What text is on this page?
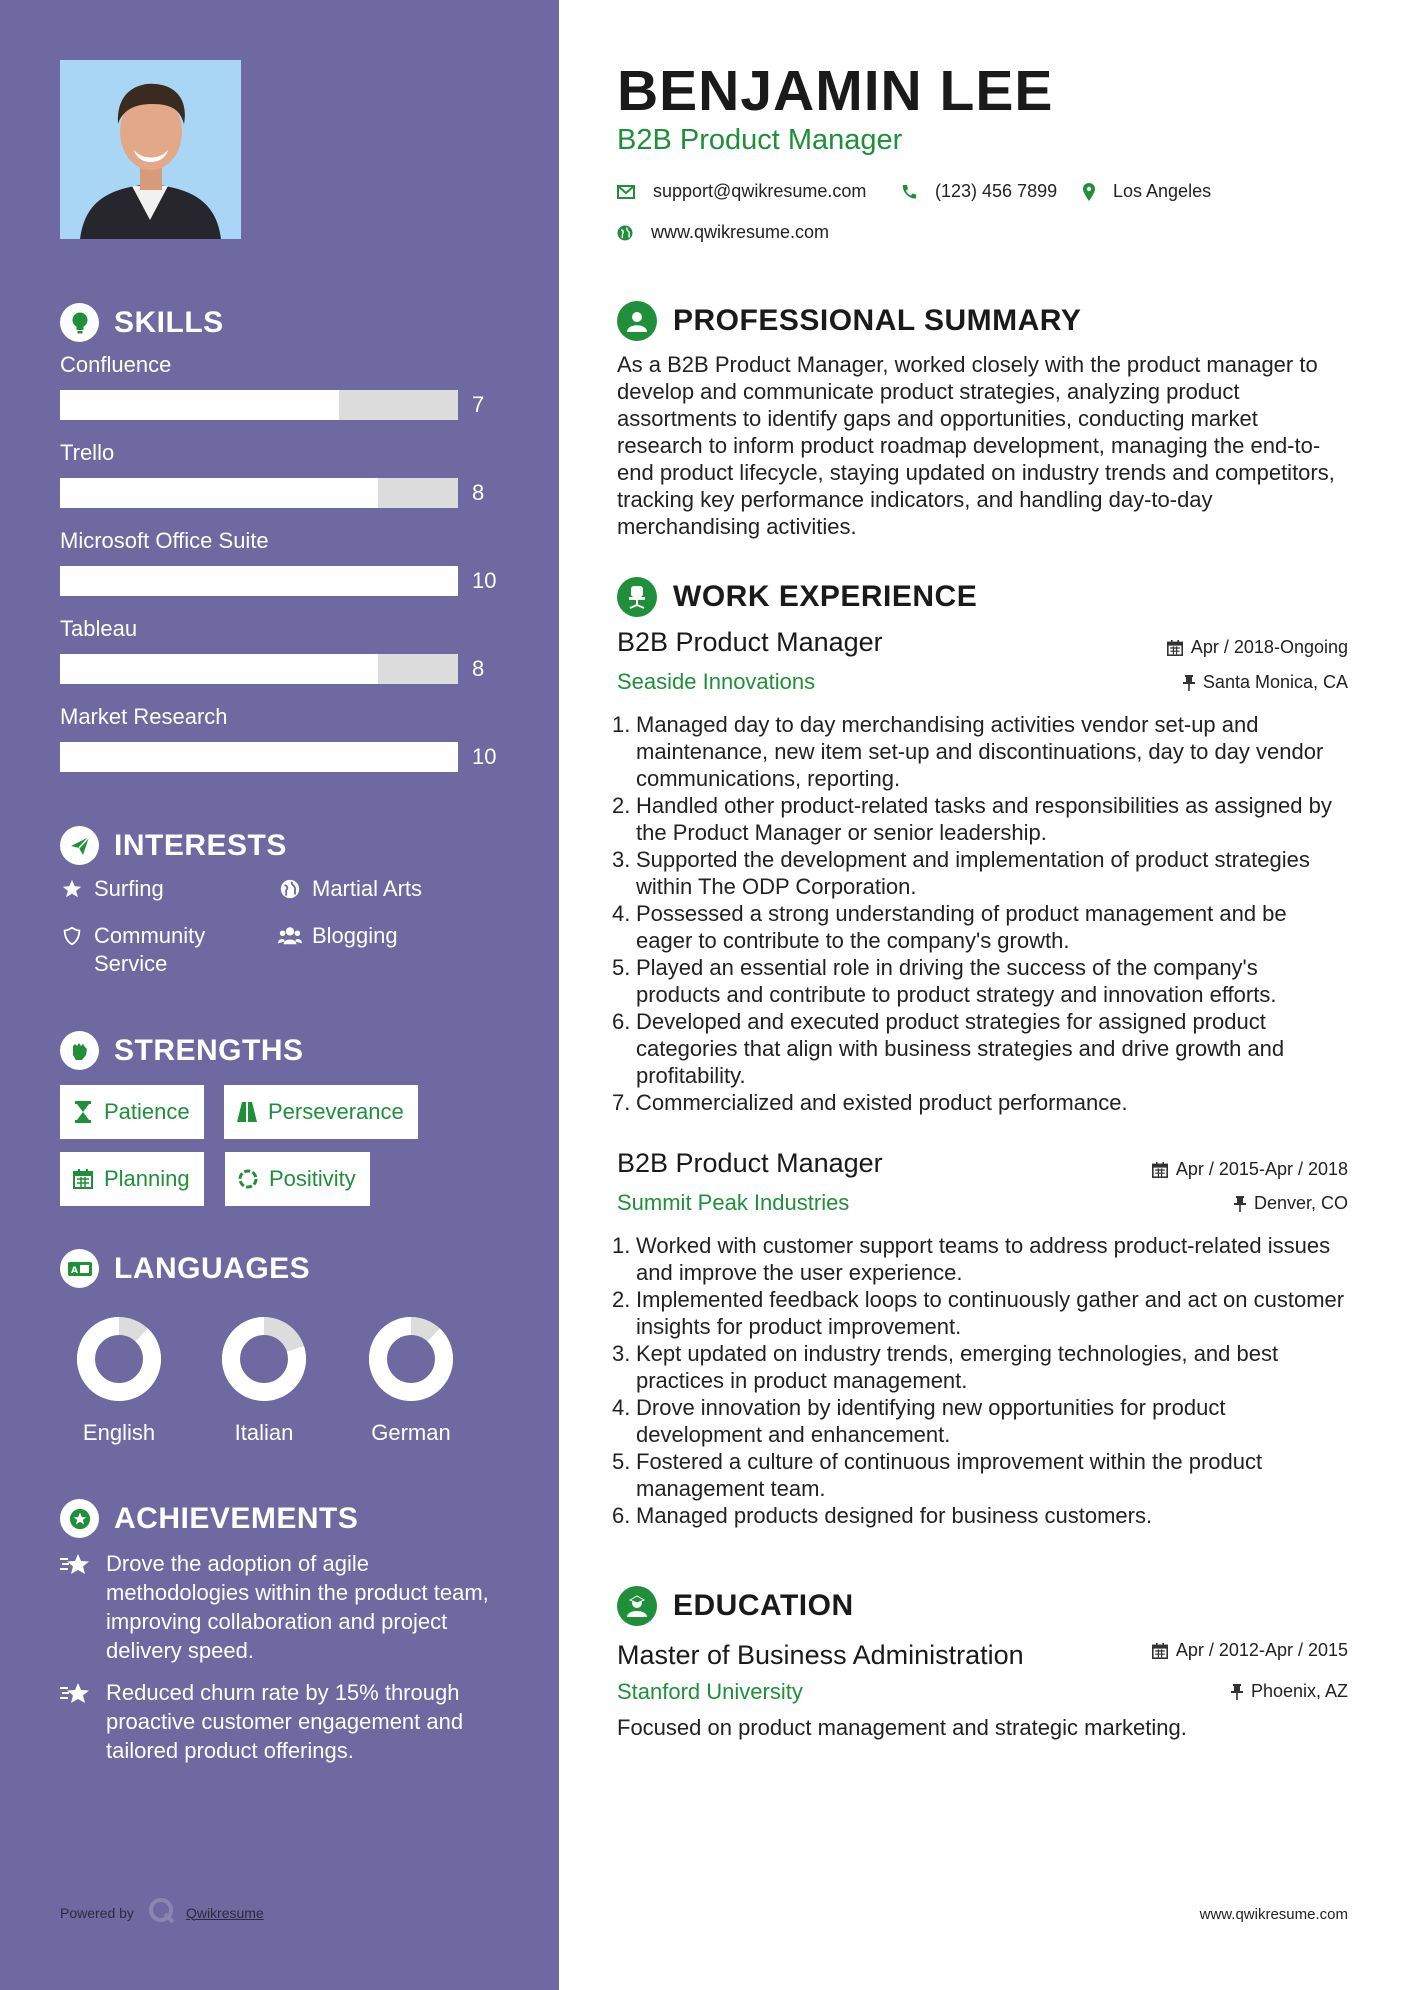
SKILLS
Confluence
7
Trello
8
Microsoft Office Suite
10
Tableau
8
Market Research
10
INTERESTS
Surfing	Martial Arts
Community Service
Blogging
STRENGTHS
Patience	Perseverance
Planning	Positivity
A LANGUAGES
English	Italian	German
ACHIEVEMENTS
Drove the adoption of agile methodologies within the product team, improving collaboration and project delivery speed.
Reduced churn rate by 15% through proactive customer engagement and tailored product offerings.
Powered by	Qwikresume
BENJAMIN LEE
B2B Product Manager
support@qwikresume.com	(123) 456 7899	Los Angeles
www.qwikresume.com
PROFESSIONAL SUMMARY
As a B2B Product Manager, worked closely with the product manager to develop and communicate product strategies, analyzing product assortments to identify gaps and opportunities, conducting market research to inform product roadmap development, managing the end-to-end product lifecycle, staying updated on industry trends and competitors, tracking key performance indicators, and handling day-to-day merchandising activities.
WORK EXPERIENCE
B2B Product Manager	Apr / 2018-Ongoing
Seaside Innovations	Santa Monica, CA
1. Managed day to day merchandising activities vendor set-up and maintenance, new item set-up and discontinuations, day to day vendor communications, reporting.
2. Handled other product-related tasks and responsibilities as assigned by the Product Manager or senior leadership.
3. Supported the development and implementation of product strategies within The ODP Corporation.
4. Possessed a strong understanding of product management and be eager to contribute to the company's growth.
5. Played an essential role in driving the success of the company's products and contribute to product strategy and innovation efforts.
6. Developed and executed product strategies for assigned product categories that align with business strategies and drive growth and profitability.
7. Commercialized and existed product performance.
B2B Product Manager	Apr / 2015-Apr / 2018
Summit Peak Industries	Denver, CO
1. Worked with customer support teams to address product-related issues and improve the user experience.
2. Implemented feedback loops to continuously gather and act on customer insights for product improvement.
3. Kept updated on industry trends, emerging technologies, and best practices in product management.
4. Drove innovation by identifying new opportunities for product development and enhancement.
5. Fostered a culture of continuous improvement within the product management team.
6. Managed products designed for business customers.
EDUCATION
Master of Business Administration	Apr / 2012-Apr / 2015
Stanford University	Phoenix, AZ
Focused on product management and strategic marketing.
www.qwikresume.com
